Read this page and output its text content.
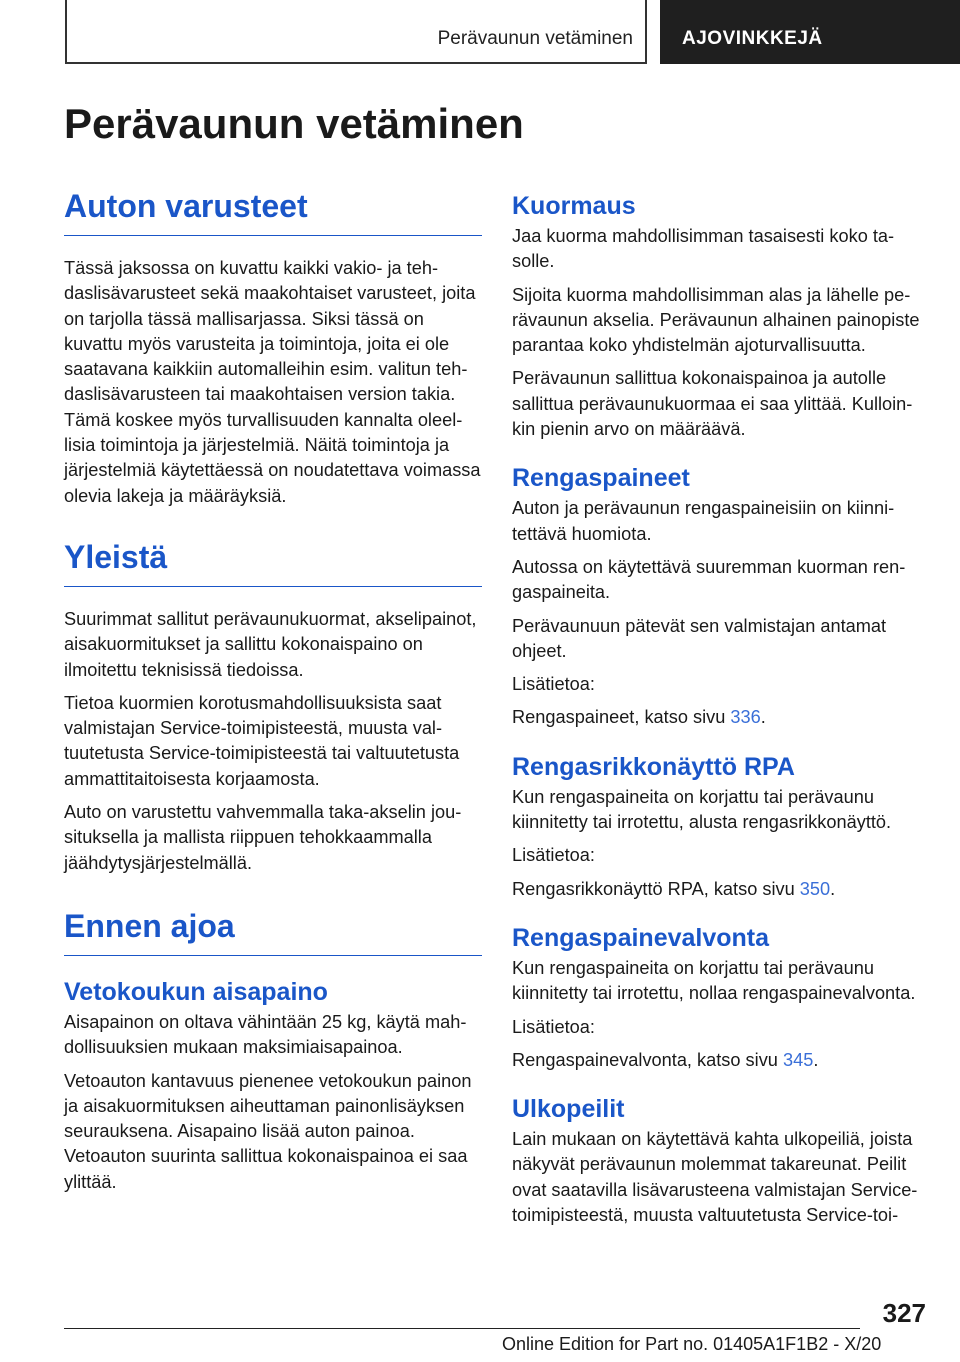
Perävaunun vetäminen	AJOVINKKEJÄ
Perävaunun vetäminen
Auton varusteet

Tässä jaksossa on kuvattu kaikki vakio- ja tehdaslisävarusteet sekä maakohtaiset varusteet, joita on tarjolla tässä mallisarjassa. Siksi tässä on kuvattu myös varusteita ja toimintoja, joita ei ole saatavana kaikkiin automalleihin esim. valitun tehdaslisävarusteen tai maakohtaisen version takia. Tämä koskee myös turvallisuuden kannalta oleellisia toimintoja ja järjestelmiä. Näitä toimintoja ja järjestelmiä käytettäessä on noudatettava voimassa olevia lakeja ja määräyksiä.

Yleistä

Suurimmat sallitut perävaunukuormat, akselipainot, aisakuormitukset ja sallittu kokonaispaino on ilmoitettu teknisissä tiedoissa.

Tietoa kuormien korotusmahdollisuuksista saat valmistajan Service-toimipisteestä, muusta valtuutetusta Service-toimipisteestä tai valtuutetusta ammattitaitoisesta korjaamosta.

Auto on varustettu vahvemmalla taka-akselin jousituksella ja mallista riippuen tehokkaammalla jäähdytysjärjestelmällä.

Ennen ajoa
Vetokoukun aisapaino

Aisapainon on oltava vähintään 25 kg, käytä mahdollisuuksien mukaan maksimiaisapainoa.

Vetoauton kantavuus pienenee vetokoukun painon ja aisakuormituksen aiheuttaman painonlisäyksen seurauksena. Aisapaino lisää auton painoa. Vetoauton suurinta sallittua kokonaispainoa ei saa ylittää.

Kuormaus

Jaa kuorma mahdollisimman tasaisesti koko tasolle.

Sijoita kuorma mahdollisimman alas ja lähelle perävaunun akselia. Perävaunun alhainen painopiste parantaa koko yhdistelmän ajoturvallisuutta.

Perävaunun sallittua kokonaispainoa ja autolle sallittua perävaunukuormaa ei saa ylittää. Kulloinkin pienin arvo on määräävä.

Rengaspaineet

Auton ja perävaunun rengaspaineisiin on kiinnitettävä huomiota.

Autossa on käytettävä suuremman kuorman rengaspaineita.

Perävaunuun pätevät sen valmistajan antamat ohjeet.

Lisätietoa:

Rengaspaineet, katso sivu 336.

Rengasrikkonäyttö RPA

Kun rengaspaineita on korjattu tai perävaunu kiinnitetty tai irrotettu, alusta rengasrikkonäyttö.

Lisätietoa:

Rengasrikkonäyttö RPA, katso sivu 350.

Rengaspainevalvonta

Kun rengaspaineita on korjattu tai perävaunu kiinnitetty tai irrotettu, nollaa rengaspainevalvonta.

Lisätietoa:

Rengaspainevalvonta, katso sivu 345.

Ulkopeilit

Lain mukaan on käytettävä kahta ulkopeiliä, joista näkyvät perävaunun molemmat takareunat. Peilit ovat saatavilla lisävarusteena valmistajan Service-toimipisteestä, muusta valtuutetusta Service-toi-

327
Online Edition for Part no. 01405A1F1B2 - X/20
